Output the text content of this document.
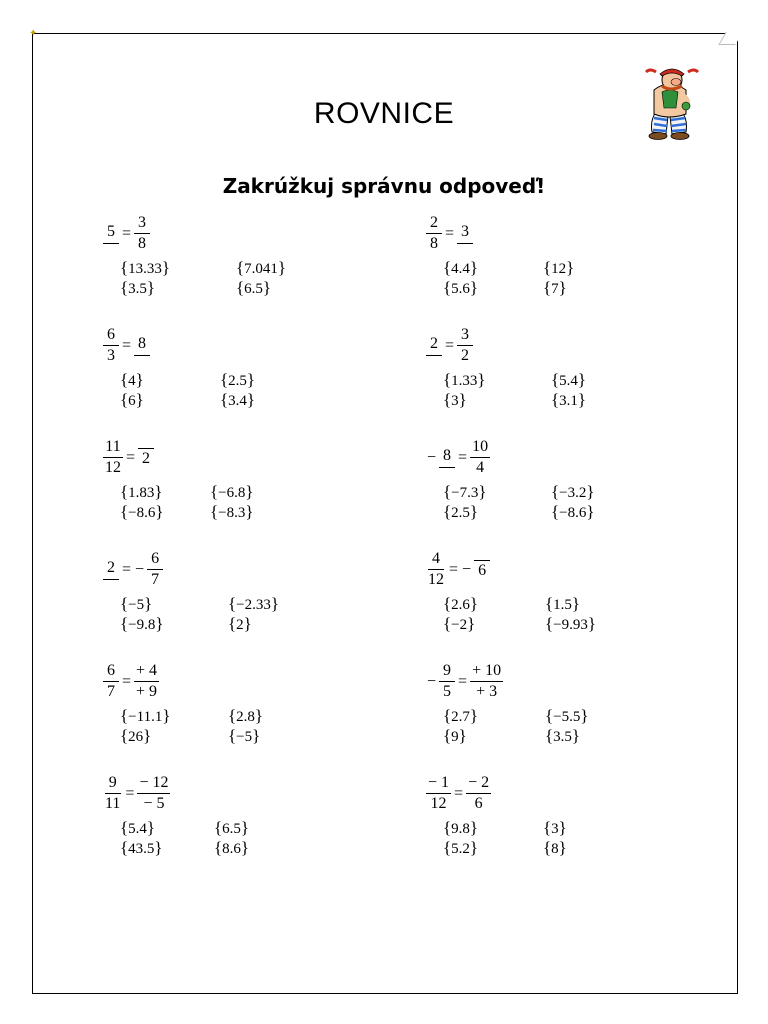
✦
ROVNICE
Zakrúžkuj správnu odpoveď!
$5 = \frac{3}{8}$
{13.33}	{7.041}
{3.5}	{6.5}
$\frac{2}{8} = 3$
{4.4}	{12}
{5.6}	{7}
$\frac{6}{3} = 8$
{4}	{2.5}
{6}	{3.4}
$2 = \frac{3}{2}$
{1.33}	{5.4}
{3}	{3.1}
$\frac{11}{12} = 2$
{1.83}	{−6.8}
{−8.6}	{−8.3}
− $8 = \frac{10}{4}$
{−7.3}	{−3.2}
{2.5}	{−8.6}
2 = − $\frac{6}{7}$
{−5}	{−2.33}
{−9.8}	{2}
$\frac{4}{12}$ = − 6
{2.6}	{1.5}
{−2}	{−9.93}
$\frac{6}{7} = \frac{+ 4}{+ 9}$
{−11.1}	{2.8}
{26}	{−5}
− $\frac{9}{5} = \frac{+ 10}{+ 3}$
{2.7}	{−5.5}
{9}	{3.5}
$\frac{9}{11} = \frac{- 12}{- 5}$
{5.4}	{6.5}
{43.5}	{8.6}
$\frac{- 1}{12} = \frac{- 2}{6}$
{9.8}	{3}
{5.2}	{8}
